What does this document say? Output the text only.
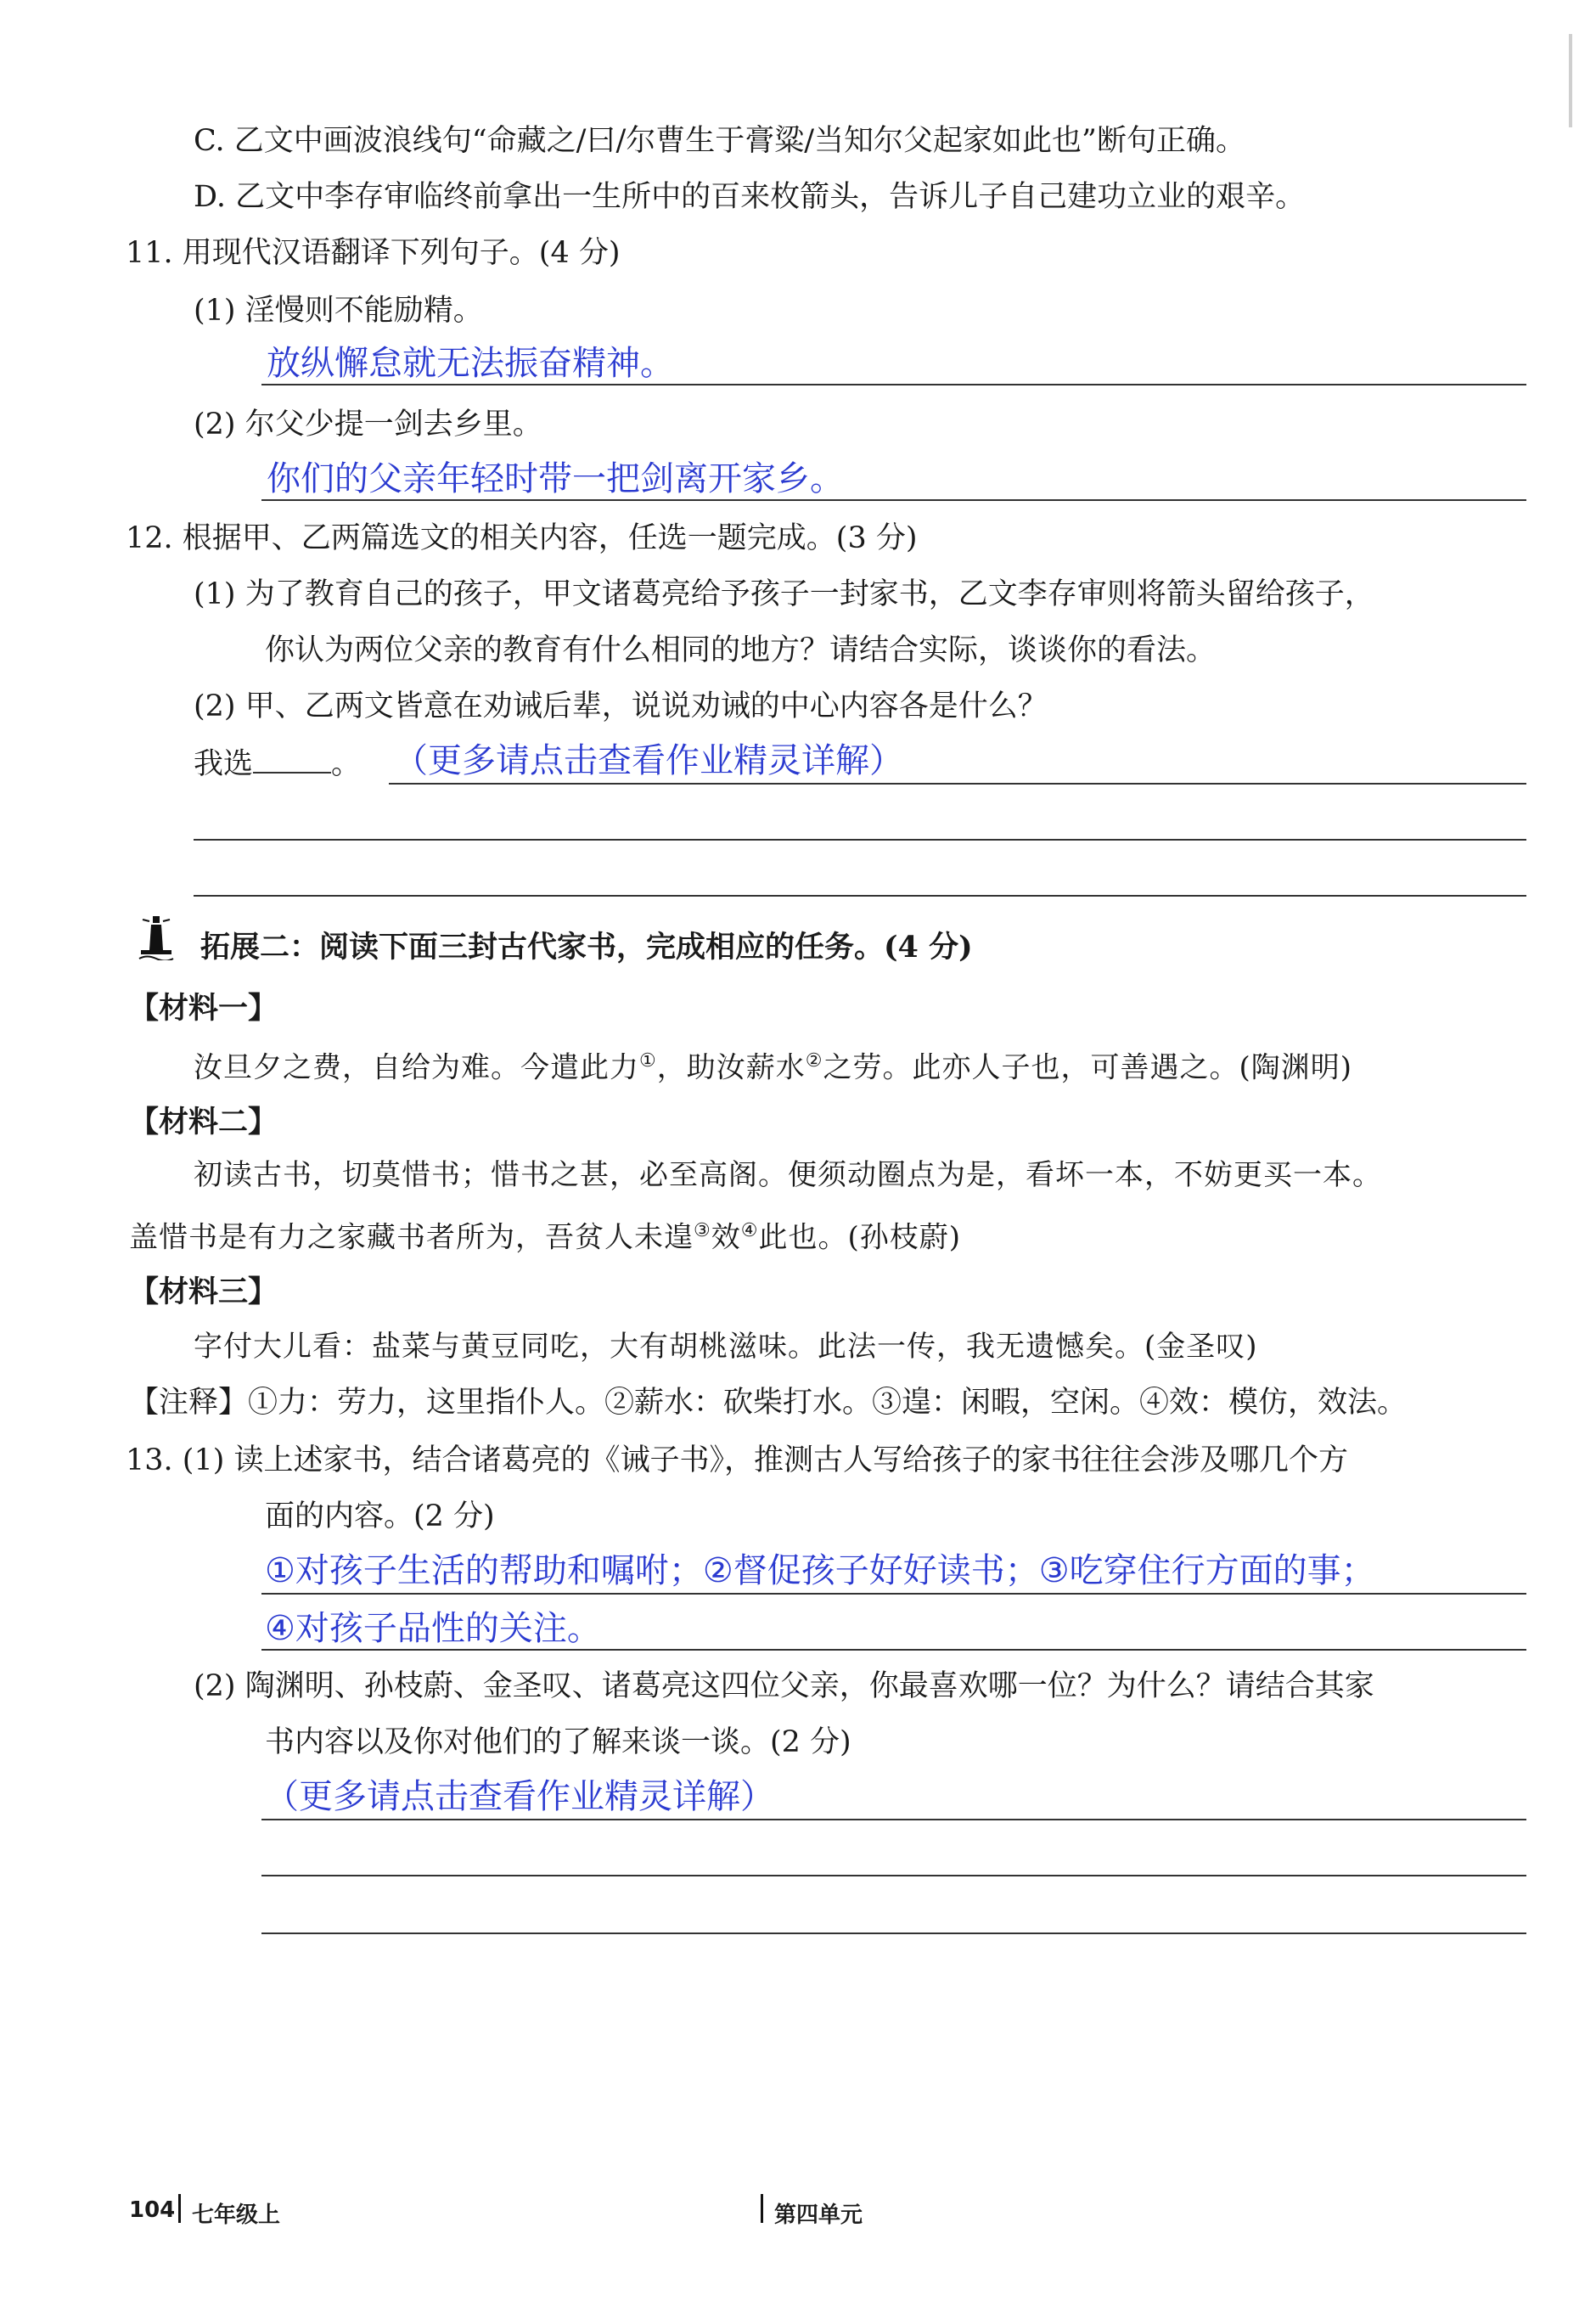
C. 乙文中画波浪线句“命藏之/曰/尔曹生于膏粱/当知尔父起家如此也”断句正确。
D. 乙文中李存审临终前拿出一生所中的百来枚箭头，告诉儿子自己建功立业的艰辛。
11. 用现代汉语翻译下列句子。(4 分)
(1) 淫慢则不能励精。
放纵懈怠就无法振奋精神。
(2) 尔父少提一剑去乡里。
你们的父亲年轻时带一把剑离开家乡。
12. 根据甲、乙两篇选文的相关内容，任选一题完成。(3 分)
(1) 为了教育自己的孩子，甲文诸葛亮给予孩子一封家书，乙文李存审则将箭头留给孩子，
你认为两位父亲的教育有什么相同的地方？请结合实际，谈谈你的看法。
(2) 甲、乙两文皆意在劝诫后辈，说说劝诫的中心内容各是什么？
我选	。 （更多请点击查看作业精灵详解）
拓展二：阅读下面三封古代家书，完成相应的任务。(4 分)
【材料一】
汝旦夕之费，自给为难。今遣此力①，助汝薪水②之劳。此亦人子也，可善遇之。(陶渊明)
【材料二】
初读古书，切莫惜书；惜书之甚，必至高阁。便须动圈点为是，看坏一本，不妨更买一本。
盖惜书是有力之家藏书者所为，吾贫人未遑③效④此也。(孙枝蔚)
【材料三】
字付大儿看：盐菜与黄豆同吃，大有胡桃滋味。此法一传，我无遗憾矣。(金圣叹)
【注释】①力：劳力，这里指仆人。②薪水：砍柴打水。③遑：闲暇，空闲。④效：模仿，效法。
13. (1) 读上述家书，结合诸葛亮的《诫子书》，推测古人写给孩子的家书往往会涉及哪几个方
面的内容。(2 分)
①对孩子生活的帮助和嘱咐；②督促孩子好好读书；③吃穿住行方面的事；
④对孩子品性的关注。
(2) 陶渊明、孙枝蔚、金圣叹、诸葛亮这四位父亲，你最喜欢哪一位？为什么？请结合其家
书内容以及你对他们的了解来谈一谈。(2 分)
（更多请点击查看作业精灵详解）
104 七年级上	第四单元
